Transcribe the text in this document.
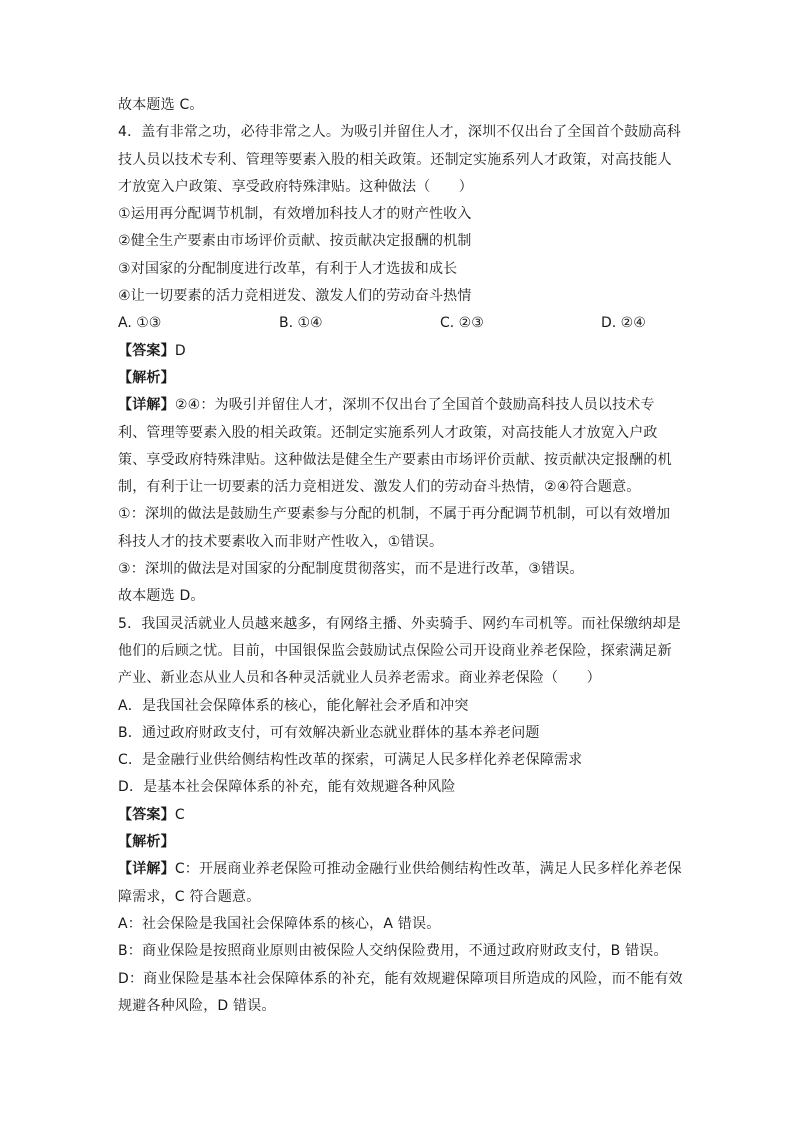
故本题选 C。
4．盖有非常之功，必待非常之人。为吸引并留住人才，深圳不仅出台了全国首个鼓励高科
技人员以技术专利、管理等要素入股的相关政策。还制定实施系列人才政策，对高技能人
才放宽入户政策、享受政府特殊津贴。这种做法（　　）
①运用再分配调节机制，有效增加科技人才的财产性收入
②健全生产要素由市场评价贡献、按贡献决定报酬的机制
③对国家的分配制度进行改革，有利于人才选拔和成长
④让一切要素的活力竞相迸发、激发人们的劳动奋斗热情
A. ①③	B. ①④	C. ②③	D. ②④
【答案】D
【解析】
【详解】②④：为吸引并留住人才，深圳不仅出台了全国首个鼓励高科技人员以技术专
利、管理等要素入股的相关政策。还制定实施系列人才政策，对高技能人才放宽入户政
策、享受政府特殊津贴。这种做法是健全生产要素由市场评价贡献、按贡献决定报酬的机
制，有利于让一切要素的活力竞相迸发、激发人们的劳动奋斗热情，②④符合题意。
①：深圳的做法是鼓励生产要素参与分配的机制，不属于再分配调节机制，可以有效增加
科技人才的技术要素收入而非财产性收入，①错误。
③：深圳的做法是对国家的分配制度贯彻落实，而不是进行改革，③错误。
故本题选 D。
5．我国灵活就业人员越来越多，有网络主播、外卖骑手、网约车司机等。而社保缴纳却是
他们的后顾之忧。目前，中国银保监会鼓励试点保险公司开设商业养老保险，探索满足新
产业、新业态从业人员和各种灵活就业人员养老需求。商业养老保险（　　）
A．是我国社会保障体系的核心，能化解社会矛盾和冲突
B．通过政府财政支付，可有效解决新业态就业群体的基本养老问题
C．是金融行业供给侧结构性改革的探索，可满足人民多样化养老保障需求
D．是基本社会保障体系的补充，能有效规避各种风险
【答案】C
【解析】
【详解】C：开展商业养老保险可推动金融行业供给侧结构性改革，满足人民多样化养老保
障需求，C 符合题意。
A：社会保险是我国社会保障体系的核心，A 错误。
B：商业保险是按照商业原则由被保险人交纳保险费用，不通过政府财政支付，B 错误。
D：商业保险是基本社会保障体系的补充，能有效规避保障项目所造成的风险，而不能有效
规避各种风险，D 错误。
